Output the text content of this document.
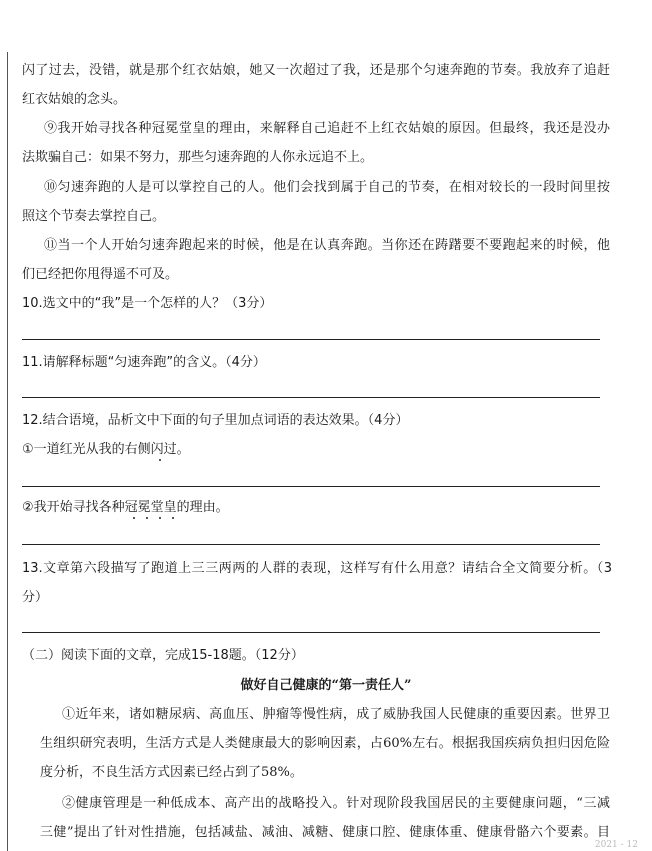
闪了过去，没错，就是那个红衣姑娘，她又一次超过了我，还是那个匀速奔跑的节奏。我放弃了追赶
红衣姑娘的念头。
⑨我开始寻找各种冠冕堂皇的理由，来解释自己追赶不上红衣姑娘的原因。但最终，我还是没办
法欺骗自己：如果不努力，那些匀速奔跑的人你永远追不上。
⑩匀速奔跑的人是可以掌控自己的人。他们会找到属于自己的节奏，在相对较长的一段时间里按
照这个节奏去掌控自己。
⑪当一个人开始匀速奔跑起来的时候，他是在认真奔跑。当你还在踌躇要不要跑起来的时候，他
们已经把你甩得遥不可及。
10.选文中的“我”是一个怎样的人？（3分）
11.请解释标题“匀速奔跑”的含义。（4分）
12.结合语境，品析文中下面的句子里加点词语的表达效果。（4分）
①一道红光从我的右侧闪过。
②我开始寻找各种冠冕堂皇的理由。
13.文章第六段描写了跑道上三三两两的人群的表现，这样写有什么用意？请结合全文简要分析。（3
分）
（二）阅读下面的文章，完成15-18题。（12分）
做好自己健康的“第一责任人”
①近年来，诸如糖尿病、高血压、肿瘤等慢性病，成了威胁我国人民健康的重要因素。世界卫
生组织研究表明，生活方式是人类健康最大的影响因素，占60%左右。根据我国疾病负担归因危险
度分析，不良生活方式因素已经占到了58%。
②健康管理是一种低成本、高产出的战略投入。针对现阶段我国居民的主要健康问题，“三减
三健”提出了针对性措施，包括减盐、减油、减糖、健康口腔、健康体重、健康骨骼六个要素。目
2021 - 12
